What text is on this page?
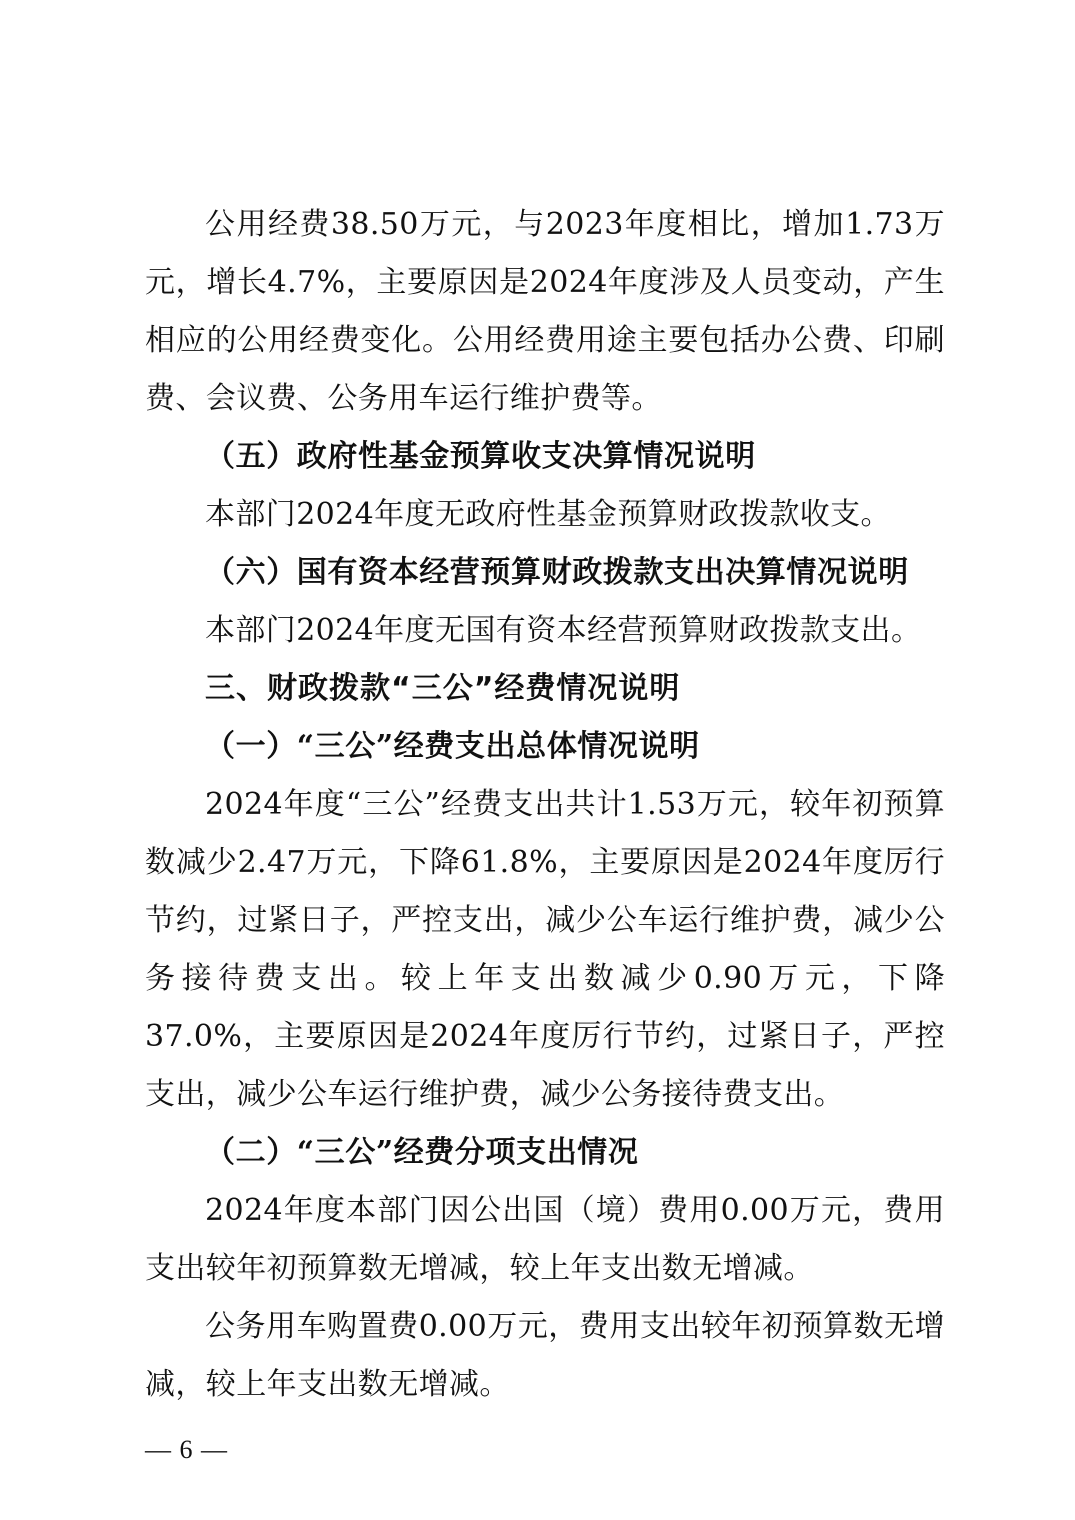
公用经费38.50万元，与2023年度相比，增加1.73万元，增长4.7%，主要原因是2024年度涉及人员变动，产生相应的公用经费变化。公用经费用途主要包括办公费、印刷费、会议费、公务用车运行维护费等。

（五）政府性基金预算收支决算情况说明

本部门2024年度无政府性基金预算财政拨款收支。

（六）国有资本经营预算财政拨款支出决算情况说明

本部门2024年度无国有资本经营预算财政拨款支出。

三、财政拨款“三公”经费情况说明

（一）“三公”经费支出总体情况说明

2024年度“三公”经费支出共计1.53万元，较年初预算数减少2.47万元，下降61.8%，主要原因是2024年度厉行节约，过紧日子，严控支出，减少公车运行维护费，减少公务接待费支出。较上年支出数减少0.90万元，下降37.0%，主要原因是2024年度厉行节约，过紧日子，严控支出，减少公车运行维护费，减少公务接待费支出。

（二）“三公”经费分项支出情况

2024年度本部门因公出国（境）费用0.00万元，费用支出较年初预算数无增减，较上年支出数无增减。

公务用车购置费0.00万元，费用支出较年初预算数无增减，较上年支出数无增减。

— 6 —
